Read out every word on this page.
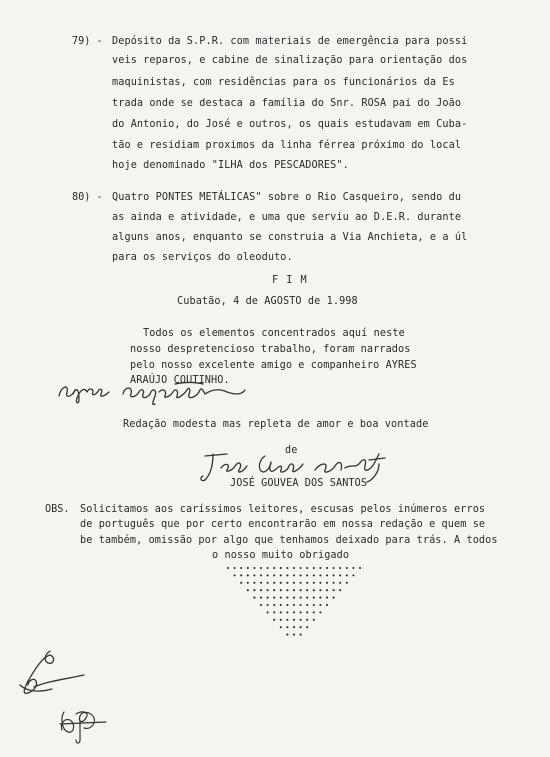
79) - Depósito da S.P.R. com materiais de emergência para possi
veis reparos, e cabine de sinalização para orientação dos
maquinistas, com residências para os funcionários da Es
trada onde se destaca a família do Snr. ROSA pai do João
do Antonio, do José e outros, os quais estudavam em Cuba-
tão e residiam proximos da linha férrea próximo do local
hoje denominado "ILHA dos PESCADORES".
80) - Quatro PONTES METÁLICAS" sobre o Rio Casqueiro, sendo du
as ainda e atividade, e uma que serviu ao D.E.R. durante
alguns anos, enquanto se construia a Via Anchieta, e a úl
para os serviços do oleoduto.
F I M
Cubatão, 4 de AGOSTO de 1.998
Todos os elementos concentrados aquí neste
nosso despretencioso trabalho, foram narrados
pelo nosso excelente amigo e companheiro AYRES
ARAÚJO COUTINHO.
Redação modesta mas repleta de amor e boa vontade
de
JOSÉ GOUVEA DOS SANTOS
OBS. Solicitamos aos caríssimos leitores, escusas pelos inúmeros erros
de português que por certo encontrarão em nossa redação e quem se
be também, omissão por algo que tenhamos deixado para trás. A todos
o nosso muito obrigado
